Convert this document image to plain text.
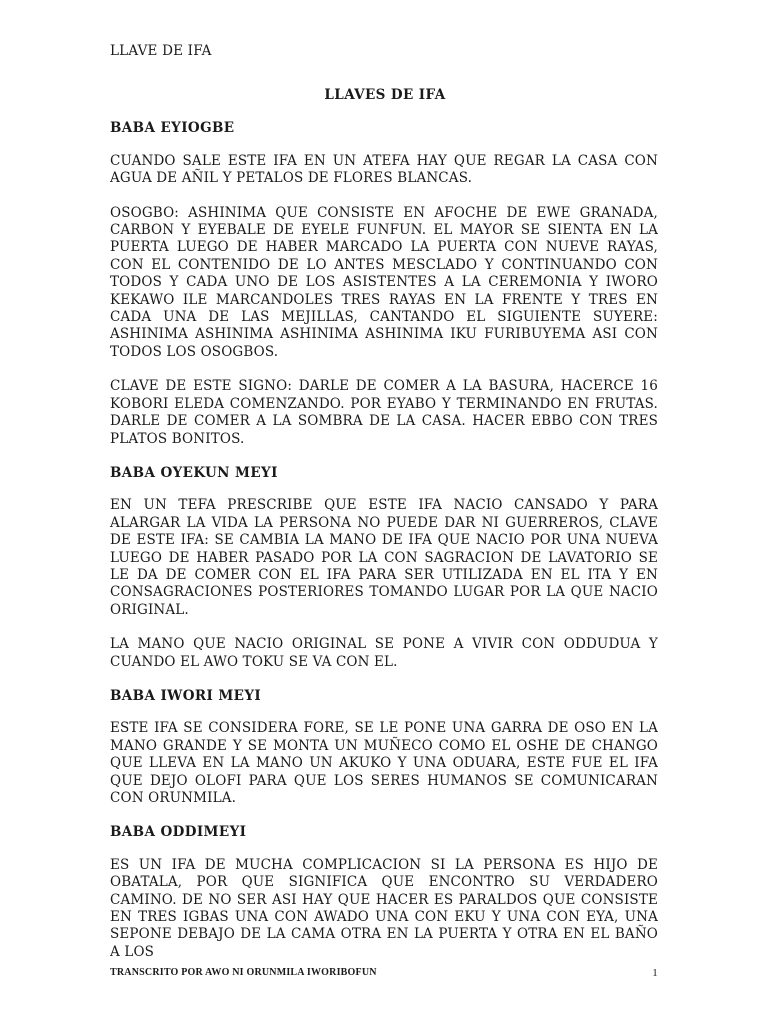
LLAVE DE IFA
LLAVES DE IFA
BABA EYIOGBE

CUANDO SALE ESTE IFA EN UN ATEFA HAY QUE REGAR LA CASA CON AGUA DE AÑIL Y PETALOS DE FLORES BLANCAS.

OSOGBO: ASHINIMA QUE CONSISTE EN AFOCHE DE EWE GRANADA, CARBON Y EYEBALE DE EYELE FUNFUN. EL MAYOR SE SIENTA EN LA PUERTA LUEGO DE HABER MARCADO LA PUERTA CON NUEVE RAYAS, CON EL CONTENIDO DE LO ANTES MESCLADO Y CONTINUANDO CON TODOS Y CADA UNO DE LOS ASISTENTES A LA CEREMONIA Y IWORO KEKAWO ILE MARCANDOLES TRES RAYAS EN LA FRENTE Y TRES EN CADA UNA DE LAS MEJILLAS, CANTANDO EL SIGUIENTE SUYERE: ASHINIMA ASHINIMA ASHINIMA ASHINIMA IKU FURIBUYEMA ASI CON TODOS LOS OSOGBOS.

CLAVE DE ESTE SIGNO: DARLE DE COMER A LA BASURA, HACERCE 16 KOBORI ELEDA COMENZANDO. POR EYABO Y TERMINANDO EN FRUTAS. DARLE DE COMER A LA SOMBRA DE LA CASA. HACER EBBO CON TRES PLATOS BONITOS.

BABA OYEKUN MEYI

EN UN TEFA PRESCRIBE QUE ESTE IFA NACIO CANSADO Y PARA ALARGAR LA VIDA LA PERSONA NO PUEDE DAR NI GUERREROS, CLAVE DE ESTE IFA: SE CAMBIA LA MANO DE IFA QUE NACIO POR UNA NUEVA LUEGO DE HABER PASADO POR LA CON SAGRACION DE LAVATORIO SE LE DA DE COMER CON EL IFA PARA SER UTILIZADA EN EL ITA Y EN CONSAGRACIONES POSTERIORES TOMANDO LUGAR POR LA QUE NACIO ORIGINAL.

LA MANO QUE NACIO ORIGINAL SE PONE A VIVIR CON ODDUDUA Y CUANDO EL AWO TOKU SE VA CON EL.

BABA IWORI MEYI

ESTE IFA SE CONSIDERA FORE, SE LE PONE UNA GARRA DE OSO EN LA MANO GRANDE Y SE MONTA UN MUÑECO COMO EL OSHE DE CHANGO QUE LLEVA EN LA MANO UN AKUKO Y UNA ODUARA, ESTE FUE EL IFA QUE DEJO OLOFI PARA QUE LOS SERES HUMANOS SE COMUNICARAN CON ORUNMILA.

BABA ODDIMEYI

ES UN IFA DE MUCHA COMPLICACION SI LA PERSONA ES HIJO DE OBATALA, POR QUE SIGNIFICA QUE ENCONTRO SU VERDADERO CAMINO. DE NO SER ASI HAY QUE HACER ES PARALDOS QUE CONSISTE EN TRES IGBAS UNA CON AWADO UNA CON EKU Y UNA CON EYA, UNA SEPONE DEBAJO DE LA CAMA OTRA EN LA PUERTA Y OTRA EN EL BAÑO A LOS

TRANSCRITO POR AWO NI ORUNMILA IWORIBOFUN	1
